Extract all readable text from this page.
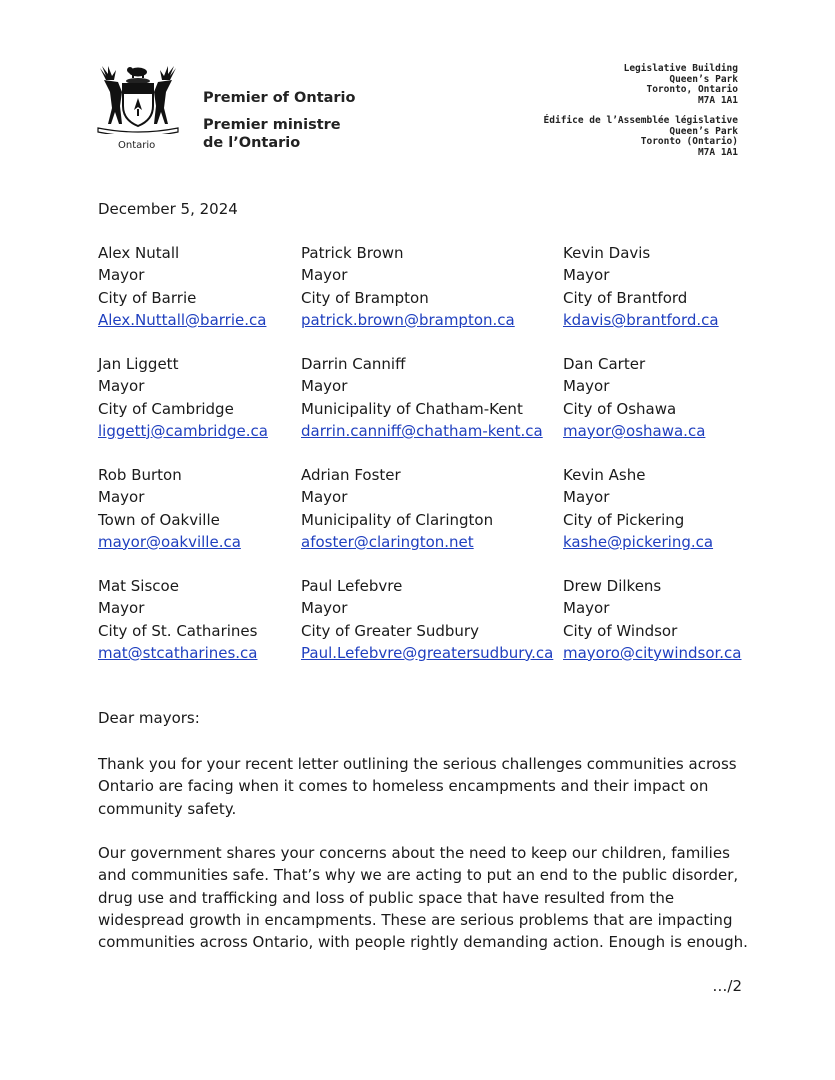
Ontario
Premier of Ontario
Premier ministre
de l’Ontario
Legislative Building
Queen’s Park
Toronto, Ontario
M7A 1A1
Édifice de l’Assemblée législative
Queen’s Park
Toronto (Ontario)
M7A 1A1
December 5, 2024
Alex Nutall
Mayor
City of Barrie
Alex.Nuttall@barrie.ca
Patrick Brown
Mayor
City of Brampton
patrick.brown@brampton.ca
Kevin Davis
Mayor
City of Brantford
kdavis@brantford.ca
Jan Liggett
Mayor
City of Cambridge
liggettj@cambridge.ca
Darrin Canniff
Mayor
Municipality of Chatham-Kent
darrin.canniff@chatham-kent.ca
Dan Carter
Mayor
City of Oshawa
mayor@oshawa.ca
Rob Burton
Mayor
Town of Oakville
mayor@oakville.ca
Adrian Foster
Mayor
Municipality of Clarington
afoster@clarington.net
Kevin Ashe
Mayor
City of Pickering
kashe@pickering.ca
Mat Siscoe
Mayor
City of St. Catharines
mat@stcatharines.ca
Paul Lefebvre
Mayor
City of Greater Sudbury
Paul.Lefebvre@greatersudbury.ca
Drew Dilkens
Mayor
City of Windsor
mayoro@citywindsor.ca
Dear mayors:
Thank you for your recent letter outlining the serious challenges communities across Ontario are facing when it comes to homeless encampments and their impact on community safety.
Our government shares your concerns about the need to keep our children, families and communities safe. That’s why we are acting to put an end to the public disorder, drug use and trafficking and loss of public space that have resulted from the widespread growth in encampments. These are serious problems that are impacting communities across Ontario, with people rightly demanding action. Enough is enough.
…/2
